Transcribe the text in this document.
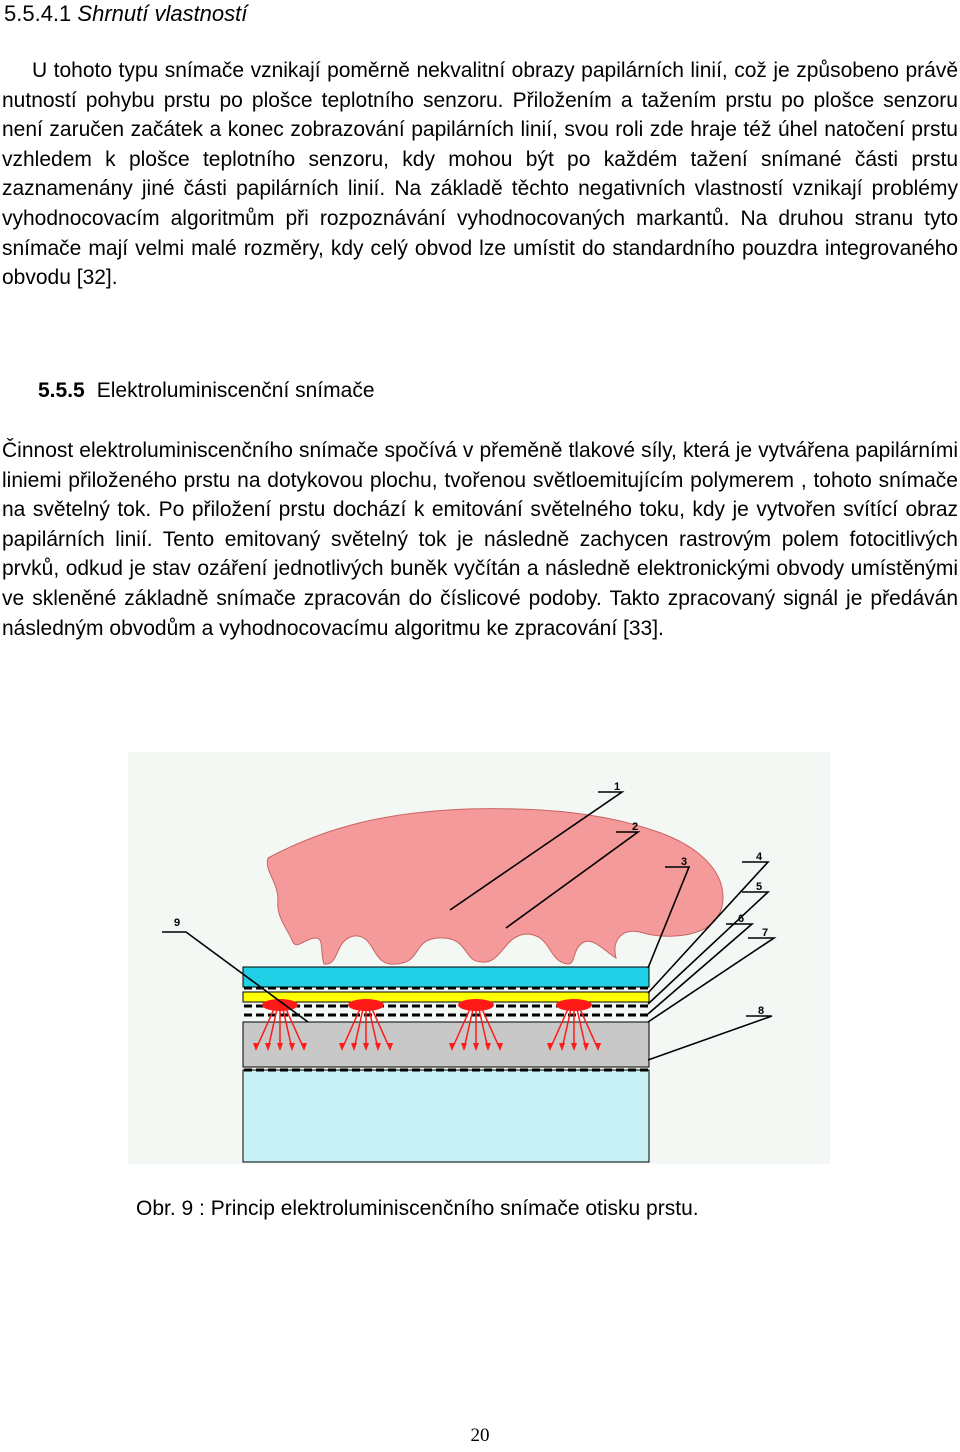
5.5.4.1 Shrnutí vlastností

U tohoto typu snímače vznikají poměrně nekvalitní obrazy papilárních linií, což je způsobeno právě nutností pohybu prstu po plošce teplotního senzoru. Přiložením a tažením prstu po plošce senzoru není zaručen začátek a konec zobrazování papilárních linií, svou roli zde hraje též úhel natočení prstu vzhledem k plošce teplotního senzoru, kdy mohou být po každém tažení snímané části prstu zaznamenány jiné části papilárních linií. Na základě těchto negativních vlastností vznikají problémy vyhodnocovacím algoritmům při rozpoznávání vyhodnocovaných markantů. Na druhou stranu tyto snímače mají velmi malé rozměry, kdy celý obvod lze umístit do standardního pouzdra integrovaného obvodu [32].

5.5.5 Elektroluminiscenční snímače

Činnost elektroluminiscenčního snímače spočívá v přeměně tlakové síly, která je vytvářena papilárními liniemi přiloženého prstu na dotykovou plochu, tvořenou světloemitujícím polymerem , tohoto snímače na světelný tok. Po přiložení prstu dochází k emitování světelného toku, kdy je vytvořen svítící obraz papilárních linií. Tento emitovaný světelný tok je následně zachycen rastrovým polem fotocitlivých prvků, odkud je stav ozáření jednotlivých buněk vyčítán a následně elektronickými obvody umístěnými ve skleněné základně snímače zpracován do číslicové podoby. Takto zpracovaný signál je předáván následným obvodům a vyhodnocovacímu algoritmu ke zpracování [33].

1
2
3	4
5
6
7
8
9
Obr. 9 : Princip elektroluminiscenčního snímače otisku prstu.
20
